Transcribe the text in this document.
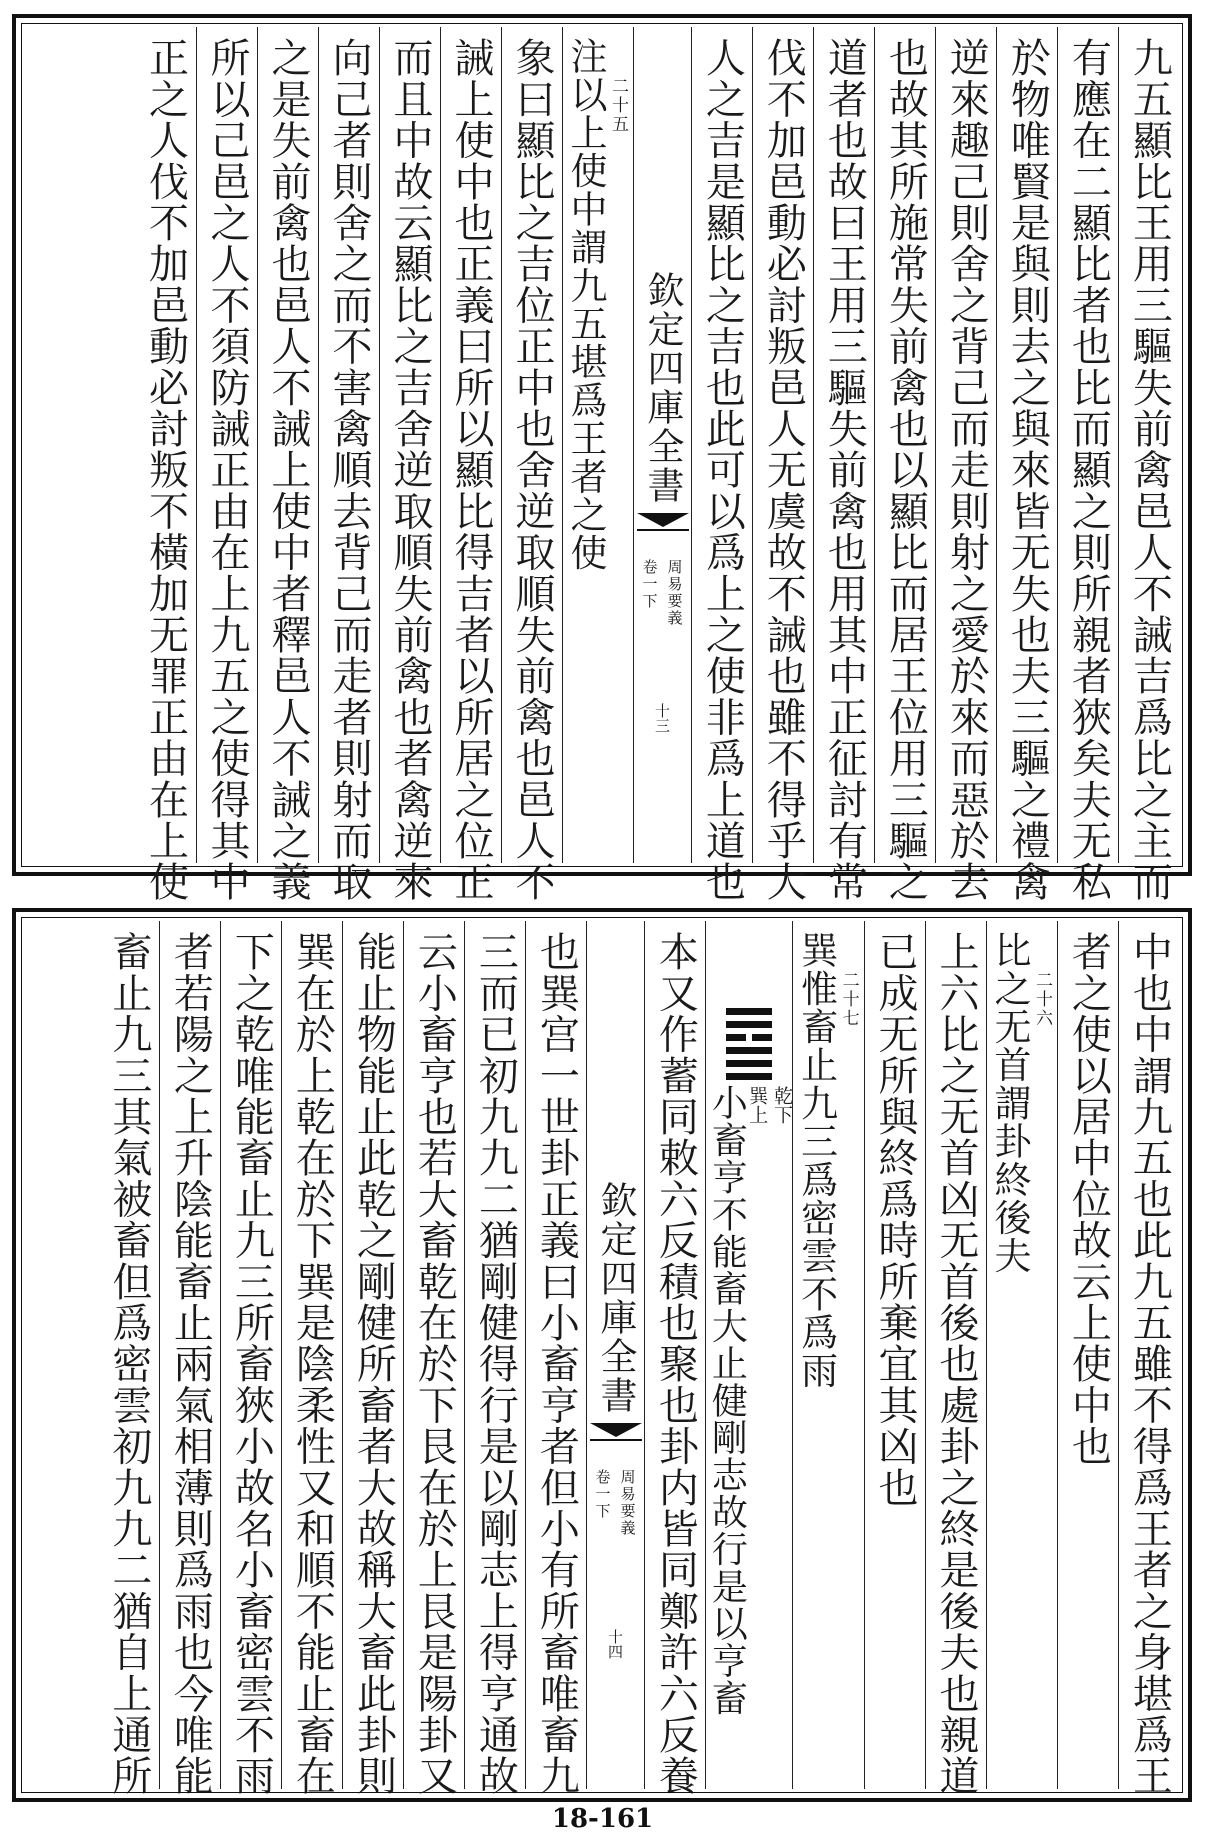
九五顯比王用三驅失前禽邑人不誡吉爲比之主而
有應在二顯比者也比而顯之則所親者狹矣夫无私
於物唯賢是與則去之與來皆无失也夫三驅之禮禽
逆來趣己則舍之背己而走則射之愛於來而惡於去
也故其所施常失前禽也以顯比而居王位用三驅之
道者也故曰王用三驅失前禽也用其中正征討有常
伐不加邑動必討叛邑人无虞故不誡也雖不得乎大
人之吉是顯比之吉也此可以爲上之使非爲上道也
欽定四庫全書
周易要義
卷一下
十三
二十五
注以上使中謂九五堪爲王者之使
象曰顯比之吉位正中也舍逆取順失前禽也邑人不
誡上使中也正義曰所以顯比得吉者以所居之位正
而且中故云顯比之吉舍逆取順失前禽也者禽逆來
向己者則舍之而不害禽順去背己而走者則射而取
之是失前禽也邑人不誡上使中者釋邑人不誡之義
所以己邑之人不須防誡正由在上九五之使得其中
正之人伐不加邑動必討叛不橫加无罪正由在上使
中也中謂九五也此九五雖不得爲王者之身堪爲王
者之使以居中位故云上使中也
二十六
比之无首謂卦終後夫
上六比之无首凶无首後也處卦之終是後夫也親道
已成无所與終爲時所棄宜其凶也
二十七
巽惟畜止九三爲密雲不爲雨
乾下
巽上
小畜亨不能畜大止健剛志故行是以亨畜
本又作蓄同敕六反積也聚也卦内皆同鄭許六反養
欽定四庫全書
周易要義
卷一下
十四
也巽宫一世卦正義曰小畜亨者但小有所畜唯畜九
三而已初九九二猶剛健得行是以剛志上得亨通故
云小畜亨也若大畜乾在於下艮在於上艮是陽卦又
能止物能止此乾之剛健所畜者大故稱大畜此卦則
巽在於上乾在於下巽是陰柔性又和順不能止畜在
下之乾唯能畜止九三所畜狹小故名小畜密雲不雨
者若陽之上升陰能畜止兩氣相薄則爲雨也今唯能
畜止九三其氣被畜但爲密雲初九九二猶自上通所
18-161
